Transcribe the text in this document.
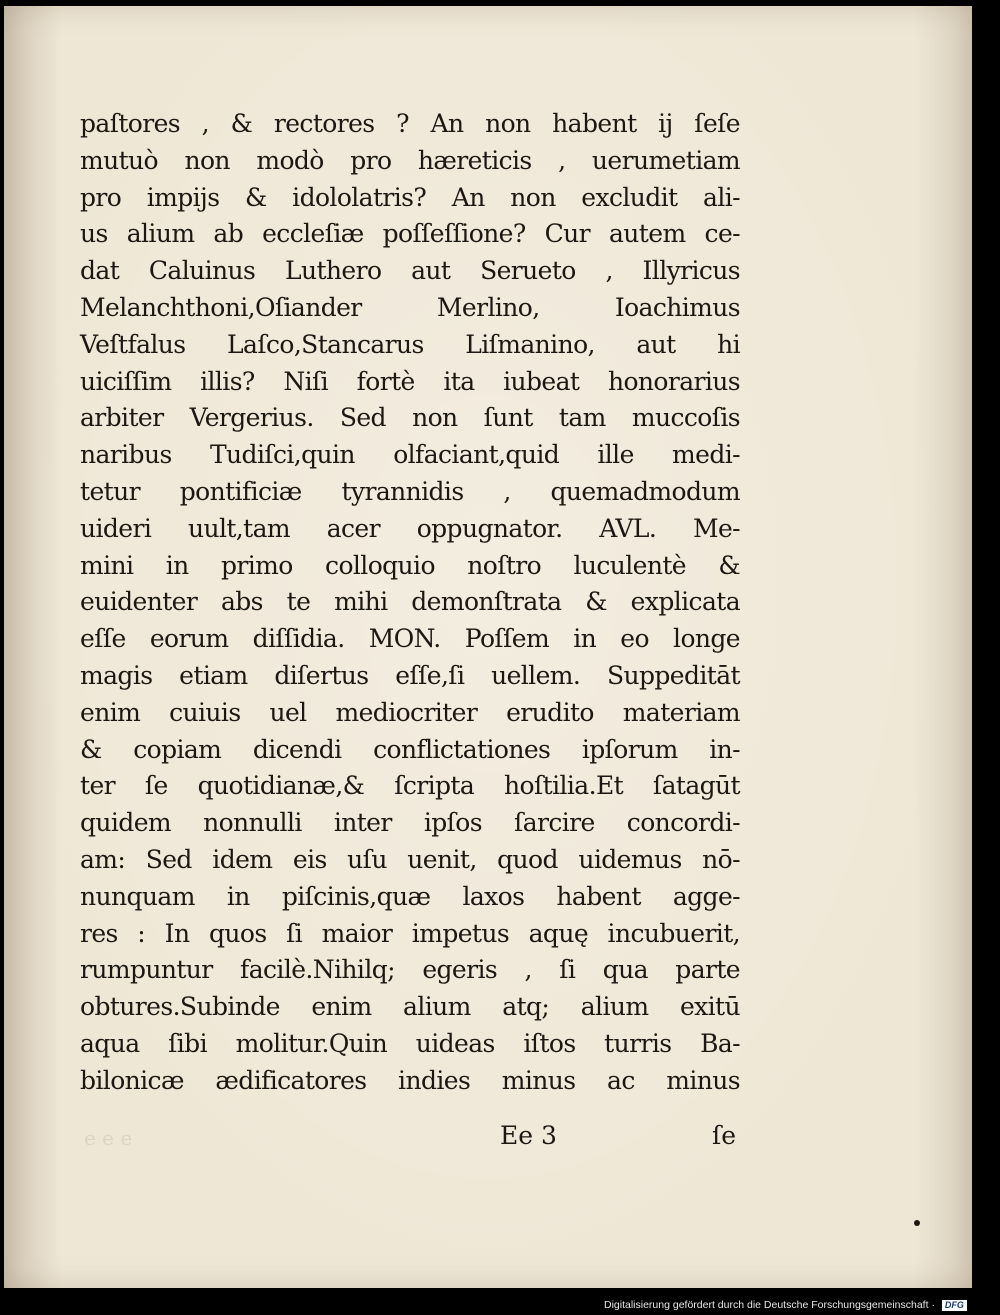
paſtores , & rectores ? An non habent ij ſeſe
mutuò non modò pro hæreticis , uerumetiam
pro impijs & idololatris? An non excludit ali-
us alium ab eccleſiæ poſſeſſione? Cur autem ce-
dat Caluinus Luthero aut Serueto , Illyricus
Melanchthoni,Oſiander Merlino, Ioachimus
Veſtfalus Laſco,Stancarus Liſmanino, aut hi
uiciſſim illis? Niſi fortè ita iubeat honorarius
arbiter Vergerius. Sed non ſunt tam muccoſis
naribus Tudiſci,quin olfaciant,quid ille medi-
tetur pontificiæ tyrannidis , quemadmodum
uideri uult,tam acer oppugnator. AVL. Me-
mini in primo colloquio noſtro luculentè &
euidenter abs te mihi demonſtrata & explicata
eſſe eorum diſſidia. MON. Poſſem in eo longe
magis etiam diſertus eſſe,ſi uellem. Suppeditāt
enim cuiuis uel mediocriter erudito materiam
& copiam dicendi conflictationes ipſorum in-
ter ſe quotidianæ,& ſcripta hoſtilia.Et ſatagūt
quidem nonnulli inter ipſos ſarcire concordi-
am: Sed idem eis uſu uenit, quod uidemus nō-
nunquam in piſcinis,quæ laxos habent agge-
res : In quos ſi maior impetus aquę incubuerit,
rumpuntur facilè.Nihilq; egeris , ſi qua parte
obtures.Subinde enim alium atq; alium exitū
aqua ſibi molitur.Quin uideas iſtos turris Ba-
bilonicæ ædificatores indies minus ac minus
ɘ ɘ ɘ	Ee 3	ſe
Digitalisierung gefördert durch die Deutsche Forschungsgemeinschaft · DFG
